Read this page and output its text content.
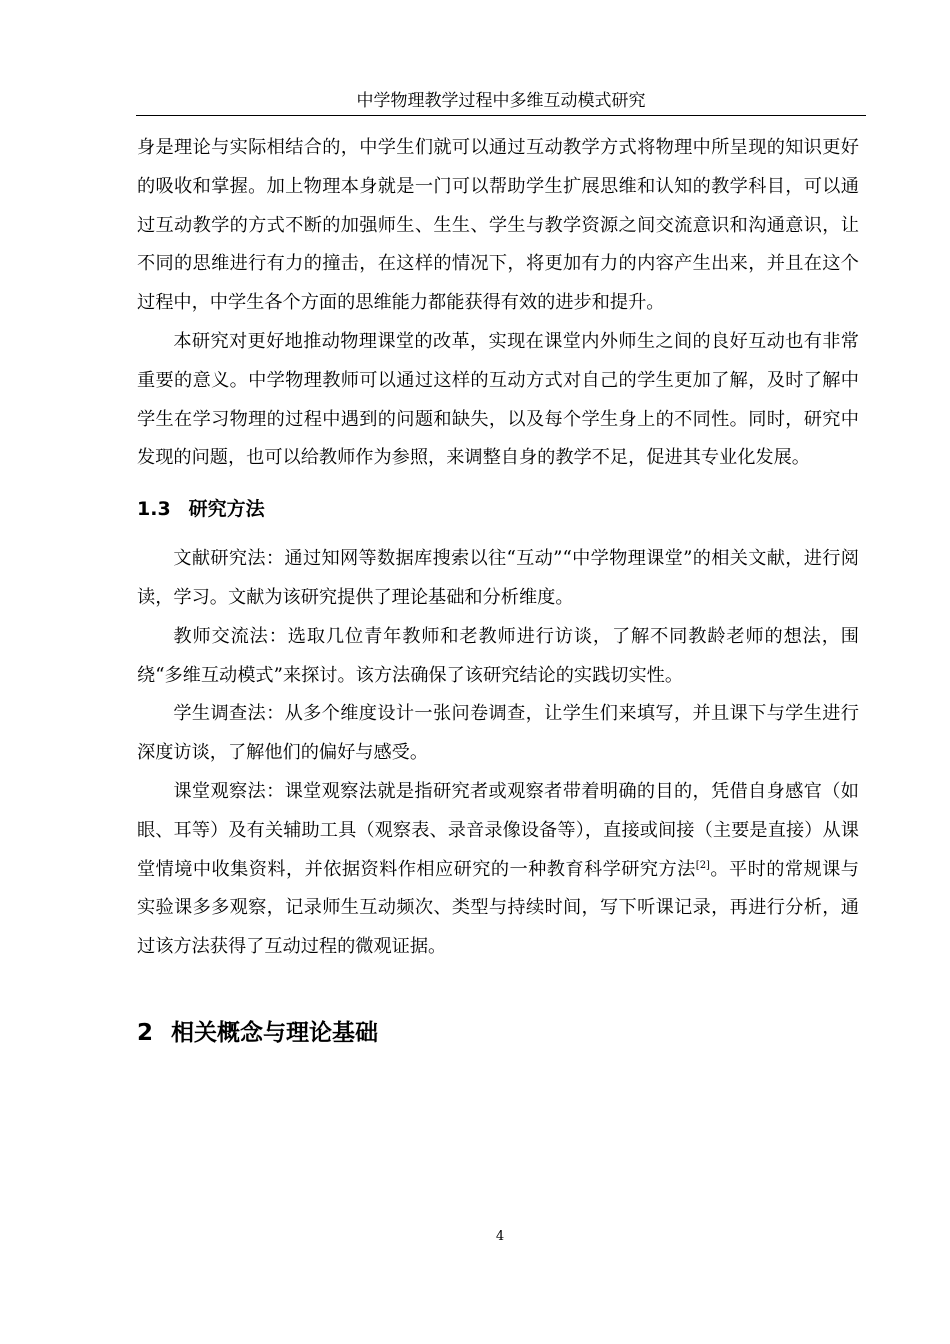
中学物理教学过程中多维互动模式研究

身是理论与实际相结合的，中学生们就可以通过互动教学方式将物理中所呈现的知识更好的吸收和掌握。加上物理本身就是一门可以帮助学生扩展思维和认知的教学科目，可以通过互动教学的方式不断的加强师生、生生、学生与教学资源之间交流意识和沟通意识，让不同的思维进行有力的撞击，在这样的情况下，将更加有力的内容产生出来，并且在这个过程中，中学生各个方面的思维能力都能获得有效的进步和提升。

本研究对更好地推动物理课堂的改革，实现在课堂内外师生之间的良好互动也有非常重要的意义。中学物理教师可以通过这样的互动方式对自己的学生更加了解，及时了解中学生在学习物理的过程中遇到的问题和缺失，以及每个学生身上的不同性。同时，研究中发现的问题，也可以给教师作为参照，来调整自身的教学不足，促进其专业化发展。

1.3 研究方法

文献研究法：通过知网等数据库搜索以往“互动”“中学物理课堂”的相关文献，进行阅读，学习。文献为该研究提供了理论基础和分析维度。

教师交流法：选取几位青年教师和老教师进行访谈，了解不同教龄老师的想法，围绕“多维互动模式”来探讨。该方法确保了该研究结论的实践切实性。

学生调查法：从多个维度设计一张问卷调查，让学生们来填写，并且课下与学生进行深度访谈，了解他们的偏好与感受。

课堂观察法：课堂观察法就是指研究者或观察者带着明确的目的，凭借自身感官（如眼、耳等）及有关辅助工具（观察表、录音录像设备等），直接或间接（主要是直接）从课堂情境中收集资料，并依据资料作相应研究的一种教育科学研究方法[2]。平时的常规课与实验课多多观察，记录师生互动频次、类型与持续时间，写下听课记录，再进行分析，通过该方法获得了互动过程的微观证据。

2 相关概念与理论基础
4
